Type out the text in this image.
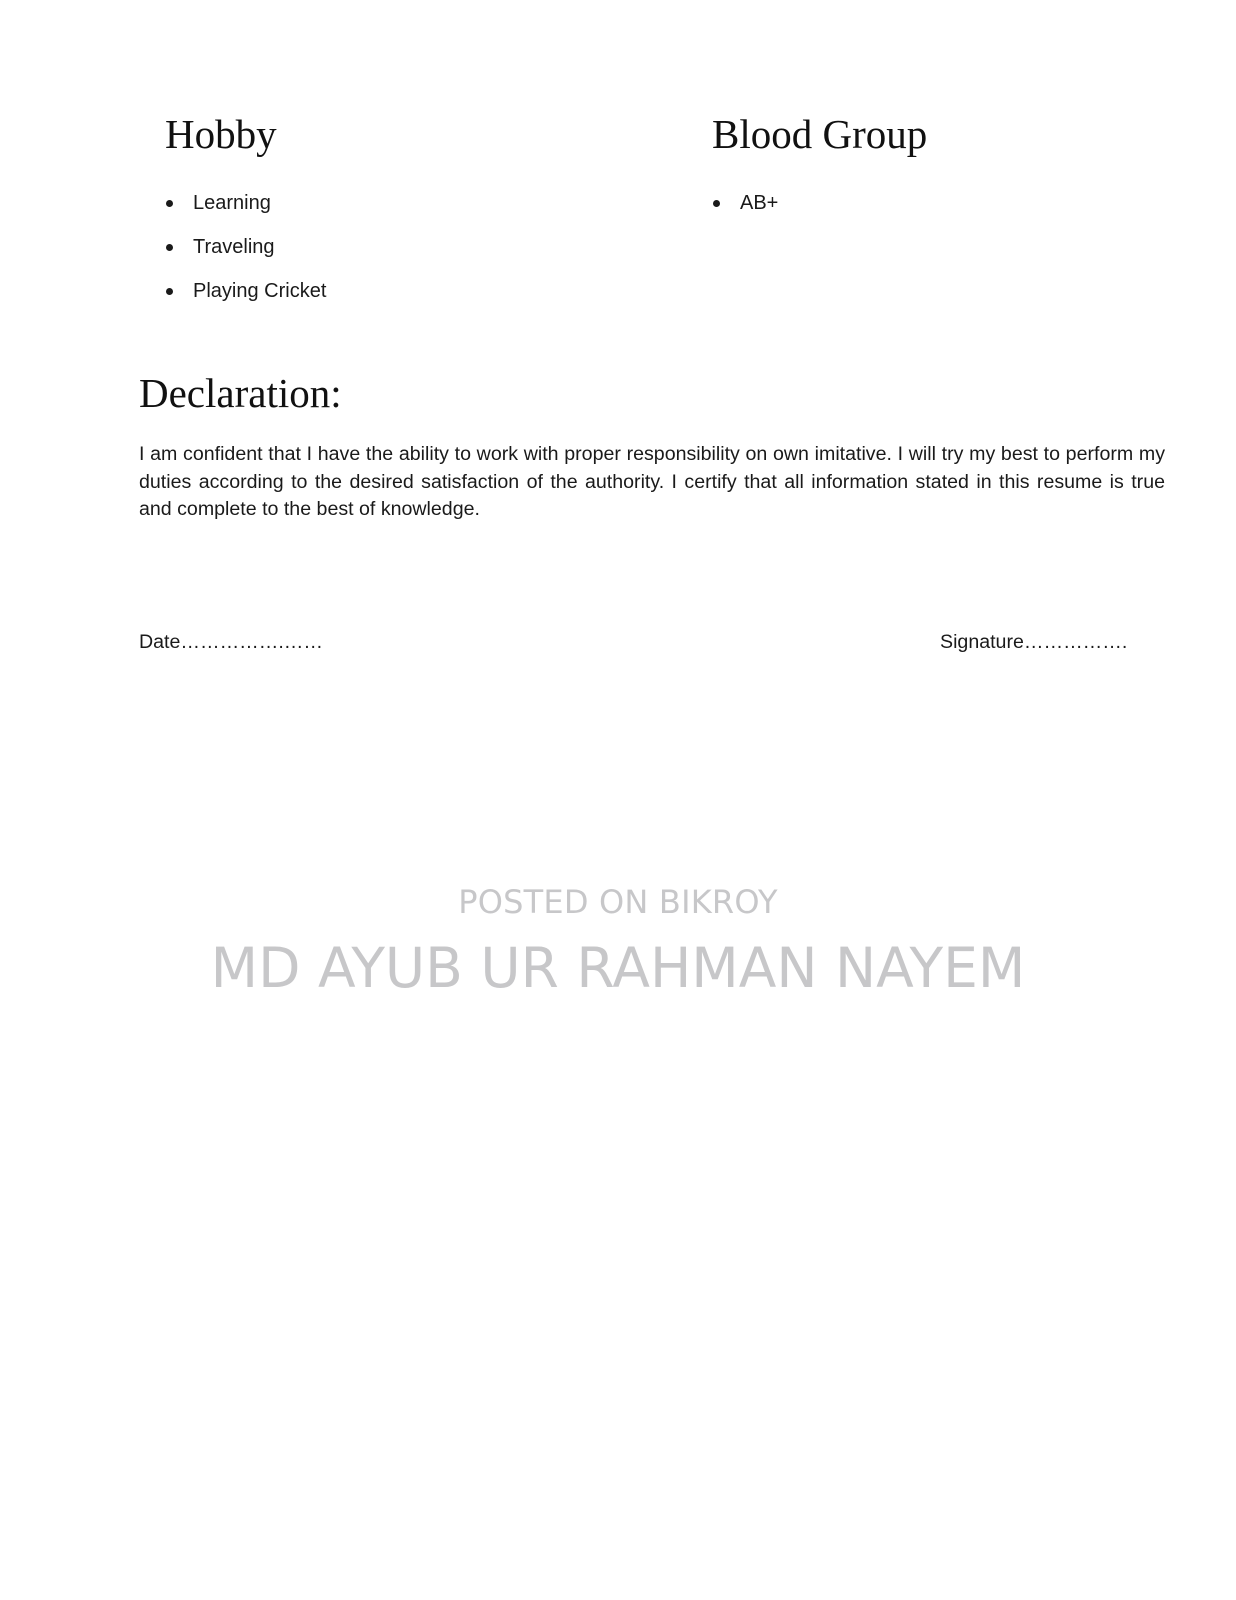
Hobby
Learning
Traveling
Playing Cricket
Blood Group
AB+
Declaration:

I am confident that I have the ability to work with proper responsibility on own imitative. I will try my best to perform my duties according to the desired satisfaction of the authority. I certify that all information stated in this resume is true and complete to the best of knowledge.

Date…………….……	Signature…………….

POSTED ON BIKROY

MD AYUB UR RAHMAN NAYEM
